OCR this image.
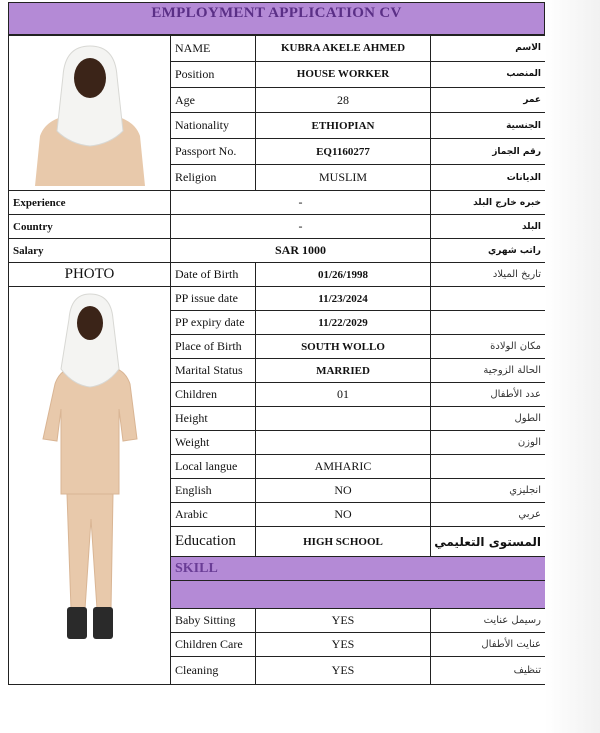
EMPLOYMENT APPLICATION CV
	NAME	KUBRA AKELE AHMED	الاسم
	Position	HOUSE WORKER	المنصب
	Age	28	عمر
	Nationality	ETHIOPIAN	الجنسية
	Passport No.	EQ1160277	رقم الجماز
	Religion	MUSLIM	الديانات
Experience	-		خبره خارج البلد
Country	-		البلد
Salary	SAR 1000		راتب شهري
PHOTO	Date of Birth	01/26/1998	تاريخ الميلاد
	PP issue date	11/23/2024	
	PP expiry date	11/22/2029	
	Place of Birth	SOUTH WOLLO	مكان الولادة
	Marital Status	MARRIED	الحالة الزوجية
	Children	01	عدد الأطفال
	Height		الطول
	Weight		الوزن
	Local langue	AMHARIC	
	English	NO	انجليزي
	Arabic	NO	عربي
	Education	HIGH SCHOOL	المستوى التعليمي
	SKILL		

	Baby Sitting	YES	رسيمل عنايت
	Children Care	YES	عنايت الأطفال
	Cleaning	YES	تنظيف
